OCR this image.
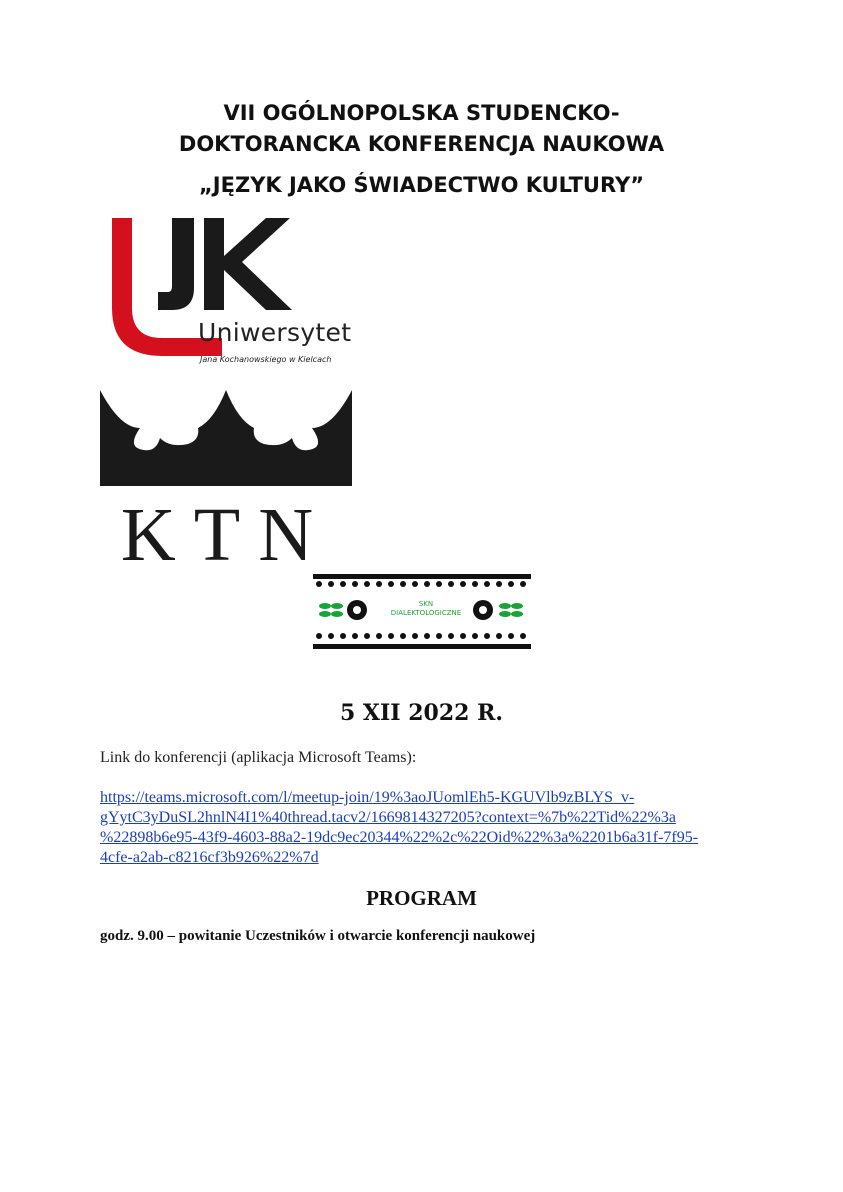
VII OGÓLNOPOLSKA STUDENCKO-
DOKTORANCKA KONFERENCJA NAUKOWA
„JĘZYK JAKO ŚWIADECTWO KULTURY”

Uniwersytet

Jana Kochanowskiego w Kielcach

KTN

SKN
DIALEKTOLOGICZNE

5 XII 2022 R.

Link do konferencji (aplikacja Microsoft Teams):

https://teams.microsoft.com/l/meetup-join/19%3aoJUomlEh5-KGUVlb9zBLYS_v-
gYytC3yDuSL2hnlN4I1%40thread.tacv2/1669814327205?context=%7b%22Tid%22%3a
%22898b6e95-43f9-4603-88a2-19dc9ec20344%22%2c%22Oid%22%3a%2201b6a31f-7f95-
4cfe-a2ab-c8216cf3b926%22%7d
PROGRAM

godz. 9.00 – powitanie Uczestników i otwarcie konferencji naukowej
